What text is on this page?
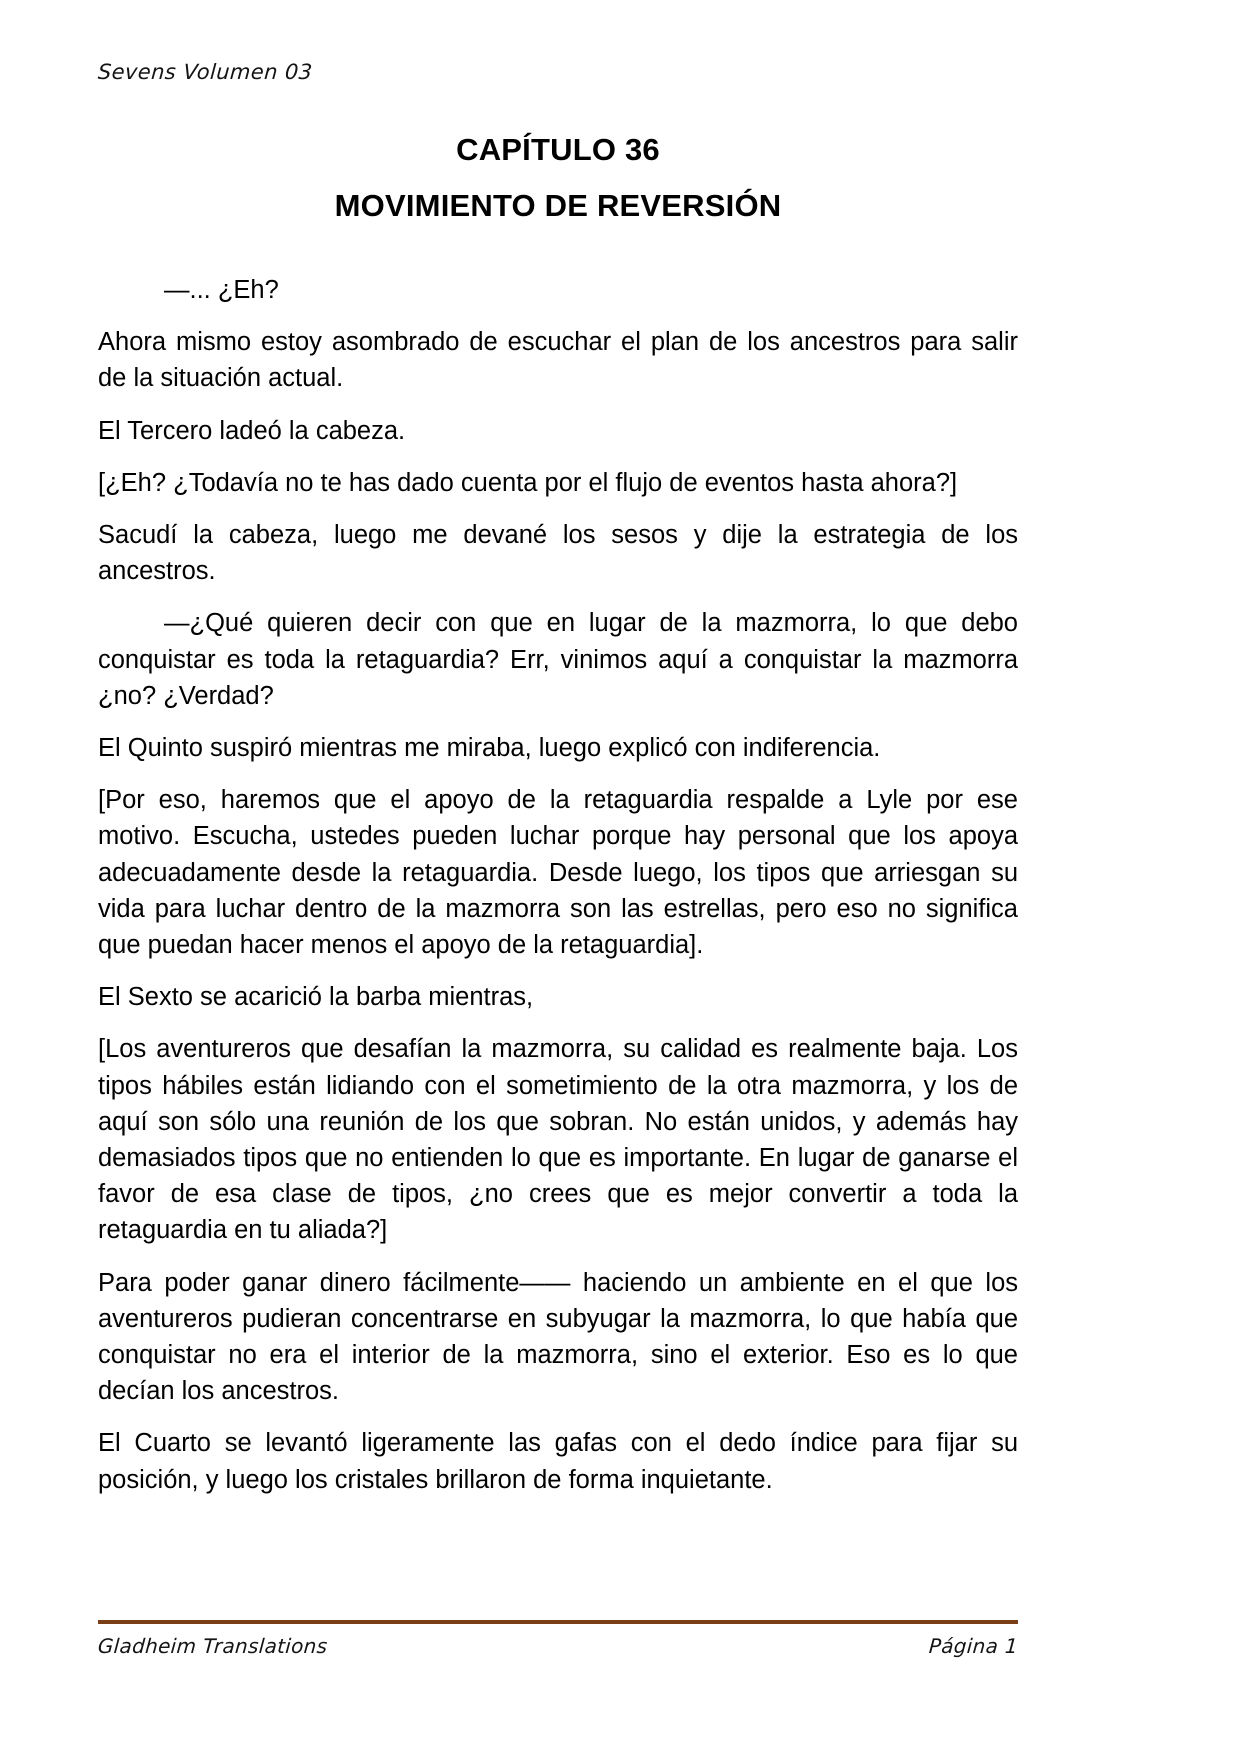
Sevens Volumen 03
CAPÍTULO 36
MOVIMIENTO DE REVERSIÓN

—... ¿Eh?

Ahora mismo estoy asombrado de escuchar el plan de los ancestros para salir de la situación actual.

El Tercero ladeó la cabeza.

[¿Eh? ¿Todavía no te has dado cuenta por el flujo de eventos hasta ahora?]

Sacudí la cabeza, luego me devané los sesos y dije la estrategia de los ancestros.

—¿Qué quieren decir con que en lugar de la mazmorra, lo que debo conquistar es toda la retaguardia? Err, vinimos aquí a conquistar la mazmorra ¿no? ¿Verdad?

El Quinto suspiró mientras me miraba, luego explicó con indiferencia.

[Por eso, haremos que el apoyo de la retaguardia respalde a Lyle por ese motivo. Escucha, ustedes pueden luchar porque hay personal que los apoya adecuadamente desde la retaguardia. Desde luego, los tipos que arriesgan su vida para luchar dentro de la mazmorra son las estrellas, pero eso no significa que puedan hacer menos el apoyo de la retaguardia].

El Sexto se acarició la barba mientras,

[Los aventureros que desafían la mazmorra, su calidad es realmente baja. Los tipos hábiles están lidiando con el sometimiento de la otra mazmorra, y los de aquí son sólo una reunión de los que sobran. No están unidos, y además hay demasiados tipos que no entienden lo que es importante. En lugar de ganarse el favor de esa clase de tipos, ¿no crees que es mejor convertir a toda la retaguardia en tu aliada?]

Para poder ganar dinero fácilmente—— haciendo un ambiente en el que los aventureros pudieran concentrarse en subyugar la mazmorra, lo que había que conquistar no era el interior de la mazmorra, sino el exterior. Eso es lo que decían los ancestros.

El Cuarto se levantó ligeramente las gafas con el dedo índice para fijar su posición, y luego los cristales brillaron de forma inquietante.

Gladheim Translations	Página 1
